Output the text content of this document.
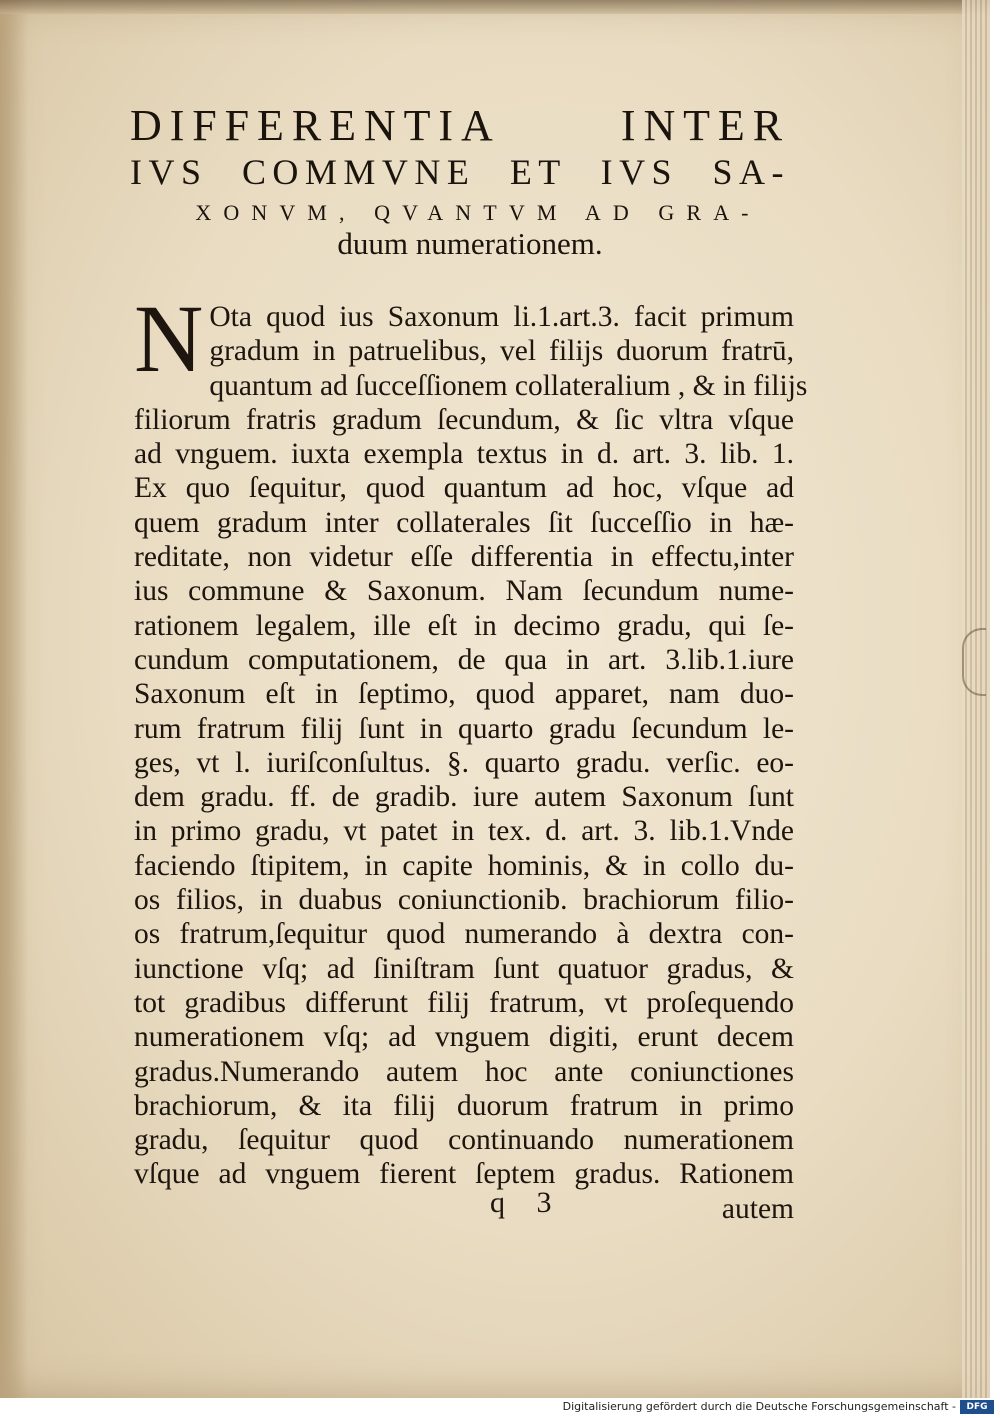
DIFFERENTIA INTER
IVS COMMVNE ET IVS SA-
XONVM, QVANTVM AD GRA-
duum numerationem.
N Ota quod ius Saxonum li.1.art.3. facit primum
gradum in patruelibus, vel filijs duorum fratrū,
quantum ad ſucceſſionem collateralium , & in filijs
filiorum fratris gradum ſecundum, & ſic vltra vſque
ad vnguem. iuxta exempla textus in d. art. 3. lib. 1.
Ex quo ſequitur, quod quantum ad hoc, vſque ad
quem gradum inter collaterales ſit ſucceſſio in hæ-
reditate, non videtur eſſe differentia in effectu,inter
ius commune & Saxonum. Nam ſecundum nume-
rationem legalem, ille eſt in decimo gradu, qui ſe-
cundum computationem, de qua in art. 3.lib.1.iure
Saxonum eſt in ſeptimo, quod apparet, nam duo-
rum fratrum filij ſunt in quarto gradu ſecundum le-
ges, vt l. iuriſconſultus. §. quarto gradu. verſic. eo-
dem gradu. ff. de gradib. iure autem Saxonum ſunt
in primo gradu, vt patet in tex. d. art. 3. lib.1.Vnde
faciendo ſtipitem, in capite hominis, & in collo du-
os filios, in duabus coniunctionib. brachiorum filio-
os fratrum,ſequitur quod numerando à dextra con-
iunctione vſq; ad ſiniſtram ſunt quatuor gradus, &
tot gradibus differunt filij fratrum, vt proſequendo
numerationem vſq; ad vnguem digiti, erunt decem
gradus.Numerando autem hoc ante coniunctiones
brachiorum, & ita filij duorum fratrum in primo
gradu, ſequitur quod continuando numerationem
vſque ad vnguem fierent ſeptem gradus. Rationem
autem
q 3
Digitalisierung gefördert durch die Deutsche Forschungsgemeinschaft -	DFG
